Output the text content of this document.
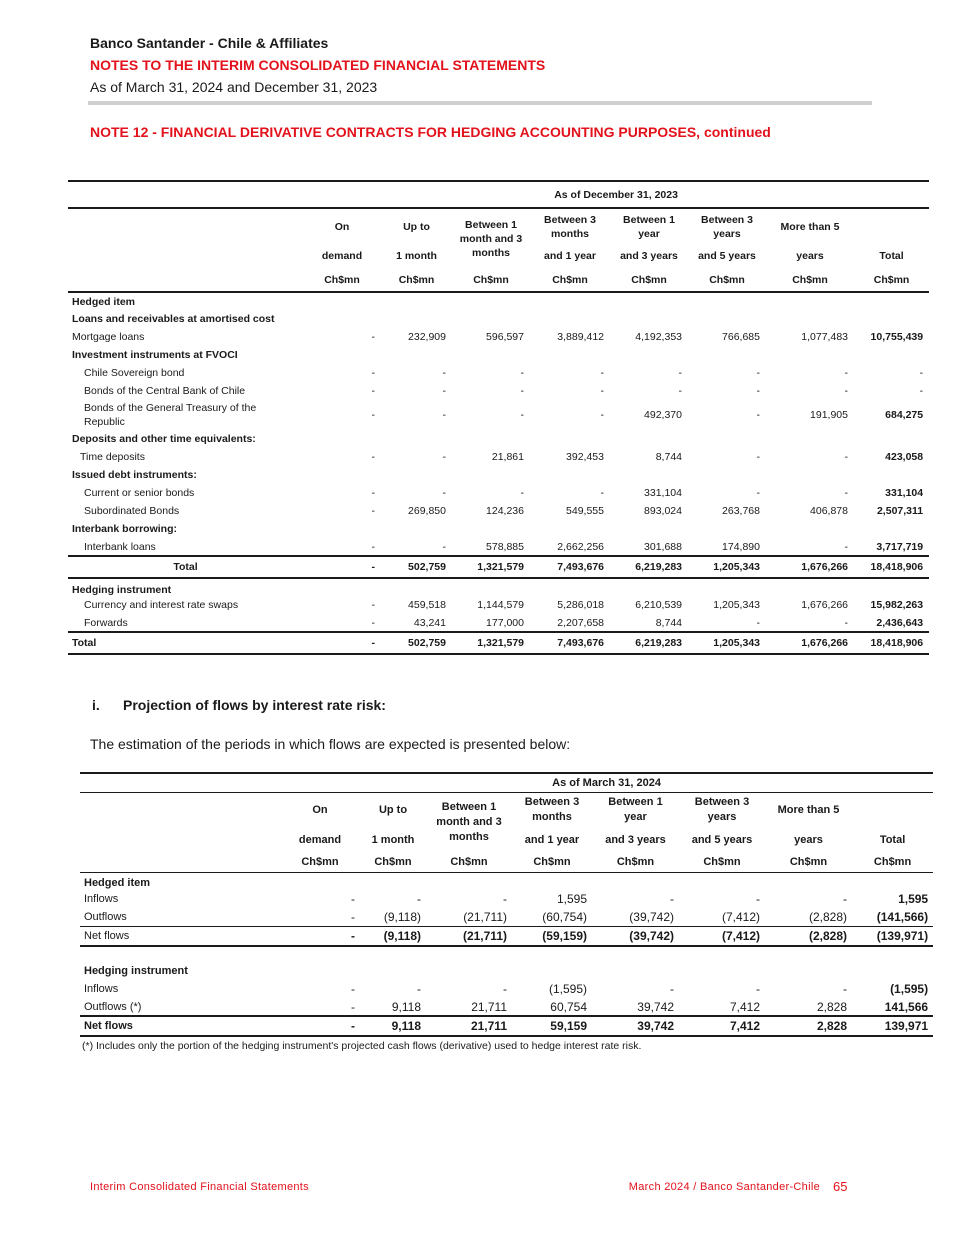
Banco Santander - Chile & Affiliates
NOTES TO THE INTERIM CONSOLIDATED FINANCIAL STATEMENTS
As of March 31, 2024 and December 31, 2023
NOTE 12 - FINANCIAL DERIVATIVE CONTRACTS FOR HEDGING ACCOUNTING PURPOSES, continued
	As of December 31, 2023							
	On	Up to	Between 1 month and 3 months	Between 3 months	Between 1 year	Between 3 years	More than 5	
	demand	1 month		and 1 year	and 3 years	and 5 years	years	Total
	Ch$mn	Ch$mn	Ch$mn	Ch$mn	Ch$mn	Ch$mn	Ch$mn	Ch$mn
Hedged item								
Loans and receivables at amortised cost								
Mortgage loans	-	232,909	596,597	3,889,412	4,192,353	766,685	1,077,483	10,755,439
Investment instruments at FVOCI								
Chile Sovereign bond	-	-	-	-	-	-	-	-
Bonds of the Central Bank of Chile	-	-	-	-	-	-	-	-
Bonds of the General Treasury of the
Republic	-	-	-	-	492,370	-	191,905	684,275
Deposits and other time equivalents:								
Time deposits	-	-	21,861	392,453	8,744	-	-	423,058
Issued debt instruments:								
Current or senior bonds	-	-	-	-	331,104	-	-	331,104
Subordinated Bonds	-	269,850	124,236	549,555	893,024	263,768	406,878	2,507,311
Interbank borrowing:								
Interbank loans	-	-	578,885	2,662,256	301,688	174,890	-	3,717,719
Total	-	502,759	1,321,579	7,493,676	6,219,283	1,205,343	1,676,266	18,418,906
Hedging instrument								
Currency and interest rate swaps	-	459,518	1,144,579	5,286,018	6,210,539	1,205,343	1,676,266	15,982,263
Forwards	-	43,241	177,000	2,207,658	8,744	-	-	2,436,643
Total	-	502,759	1,321,579	7,493,676	6,219,283	1,205,343	1,676,266	18,418,906
i. Projection of flows by interest rate risk:
The estimation of the periods in which flows are expected is presented below:
	As of March 31, 2024							
	On	Up to	Between 1 month and 3 months	Between 3 months	Between 1 year	Between 3 years	More than 5	
	demand	1 month		and 1 year	and 3 years	and 5 years	years	Total
	Ch$mn	Ch$mn	Ch$mn	Ch$mn	Ch$mn	Ch$mn	Ch$mn	Ch$mn
Hedged item								
Inflows	-	-	-	1,595	-	-	-	1,595
Outflows	-	(9,118)	(21,711)	(60,754)	(39,742)	(7,412)	(2,828)	(141,566)
Net flows	-	(9,118)	(21,711)	(59,159)	(39,742)	(7,412)	(2,828)	(139,971)

Hedging instrument								
Inflows	-	-	-	(1,595)	-	-	-	(1,595)
Outflows (*)	-	9,118	21,711	60,754	39,742	7,412	2,828	141,566
Net flows	-	9,118	21,711	59,159	39,742	7,412	2,828	139,971
(*) Includes only the portion of the hedging instrument's projected cash flows (derivative) used to hedge interest rate risk.
Interim Consolidated Financial Statements	March 2024 / Banco Santander-Chile 65
